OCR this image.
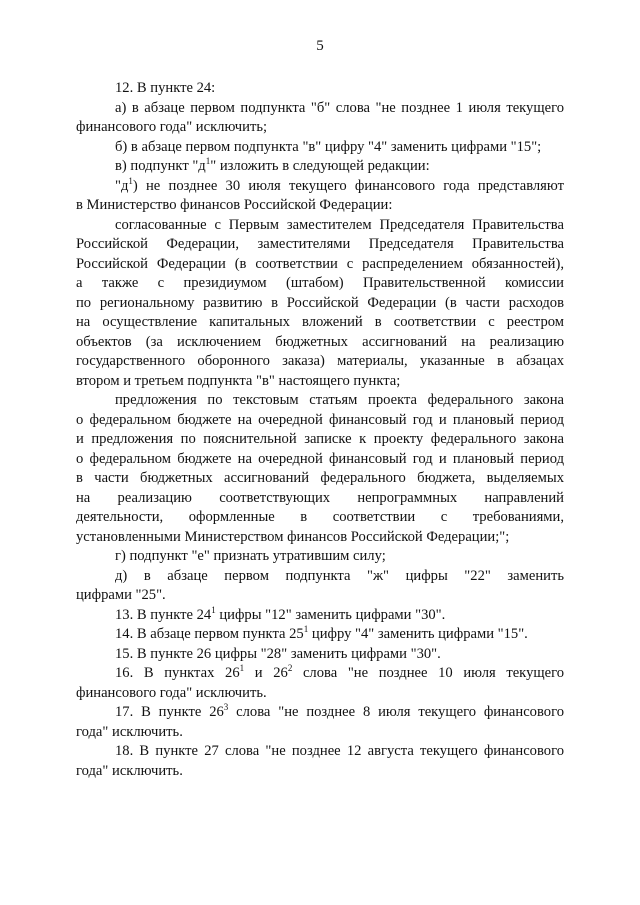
5
12. В пункте 24:
а) в абзаце первом подпункта "б" слова "не позднее 1 июля текущего
финансового года" исключить;
б) в абзаце первом подпункта "в" цифру "4" заменить цифрами "15";
в) подпункт "$д^1$" изложить в следующей редакции:
"$д^1$) не позднее 30 июля текущего финансового года представляют
в Министерство финансов Российской Федерации:
согласованные с Первым заместителем Председателя Правительства
Российской Федерации, заместителями Председателя Правительства
Российской Федерации (в соответствии с распределением обязанностей),
а также с президиумом (штабом) Правительственной комиссии
по региональному развитию в Российской Федерации (в части расходов
на осуществление капитальных вложений в соответствии с реестром
объектов (за исключением бюджетных ассигнований на реализацию
государственного оборонного заказа) материалы, указанные в абзацах
втором и третьем подпункта "в" настоящего пункта;
предложения по текстовым статьям проекта федерального закона
о федеральном бюджете на очередной финансовый год и плановый период
и предложения по пояснительной записке к проекту федерального закона
о федеральном бюджете на очередной финансовый год и плановый период
в части бюджетных ассигнований федерального бюджета, выделяемых
на реализацию соответствующих непрограммных направлений
деятельности, оформленные в соответствии с требованиями,
установленными Министерством финансов Российской Федерации;";
г) подпункт "е" признать утратившим силу;
д) в абзаце первом подпункта "ж" цифры "22" заменить
цифрами "25".
13. В пункте $24^1$ цифры "12" заменить цифрами "30".
14. В абзаце первом пункта $25^1$ цифру "4" заменить цифрами "15".
15. В пункте 26 цифры "28" заменить цифрами "30".
16. В пунктах $26^1$ и $26^2$ слова "не позднее 10 июля текущего
финансового года" исключить.
17. В пункте $26^3$ слова "не позднее 8 июля текущего финансового
года" исключить.
18. В пункте 27 слова "не позднее 12 августа текущего финансового
года" исключить.
